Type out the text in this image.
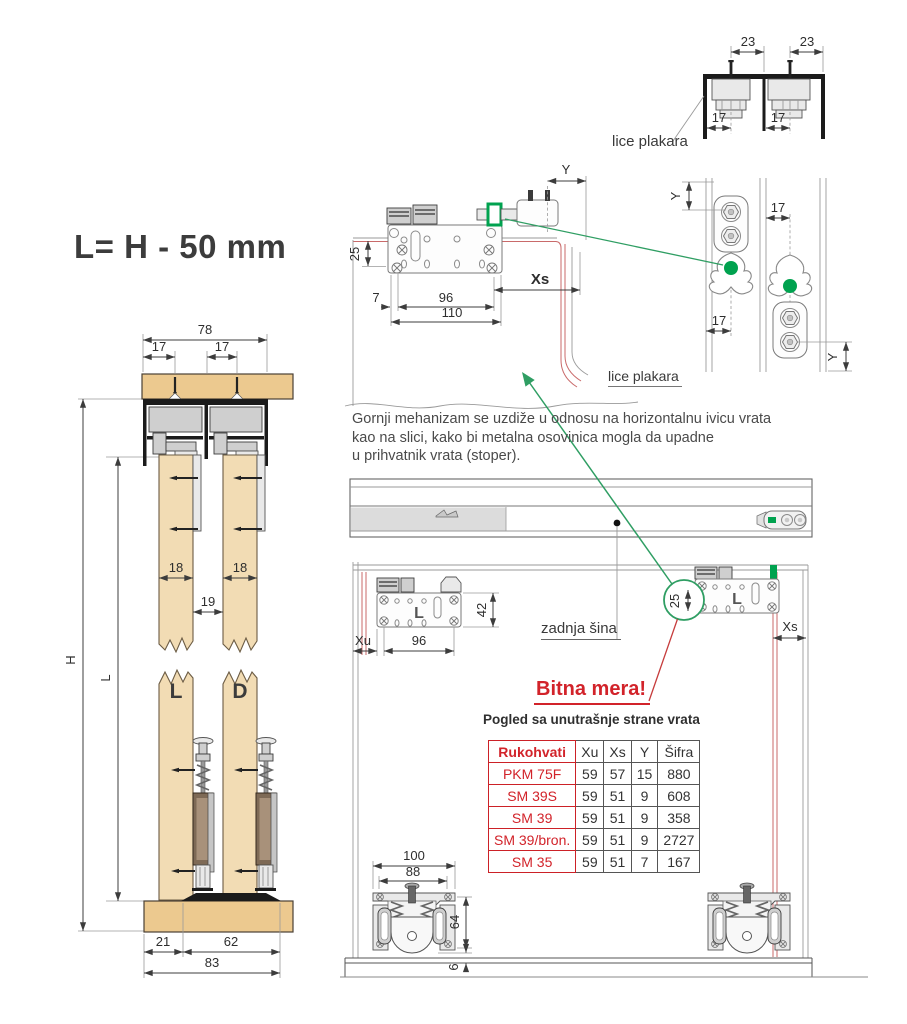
H
L
78
17	17
18	18
19
L D
21	62
83
23	23
17	17
Y
25
7	96
110
Xs
Y
17
17
Y
L	42
Xu	96
L
25
Xs
100
88
64
6
L= H - 50 mm
Gornji mehanizam se uzdiže u odnosu na horizontalnu ivicu vrata
kao na slici, kako bi metalna osovinica mogla da upadne
u prihvatnik vrata (stoper).
lice plakara
lice plakara
zadnja šina
Bitna mera!
Pogled sa unutrašnje strane vrata
Rukohvati	Xu	Xs	Y	Šifra
PKM 75F	59	57	15	880
SM 39S	59	51	9	608
SM 39	59	51	9	358
SM 39/bron.	59	51	9	2727
SM 35	59	51	7	167
